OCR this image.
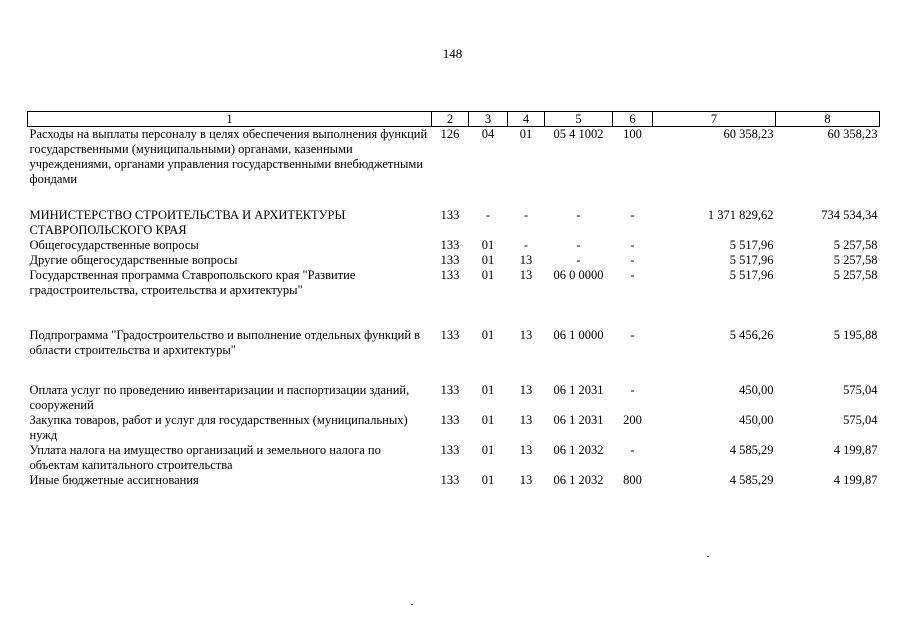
148
1	2	3	4	5	6	7	8
Расходы на выплаты персоналу в целях обеспечения выполнения функций государственными (муниципальными) органами, казенными учреждениями, органами управления государственными внебюджетными фондами	126	04	01	05 4 1002	100	60 358,23	60 358,23

МИНИСТЕРСТВО СТРОИТЕЛЬСТВА И АРХИТЕКТУРЫ СТАВРОПОЛЬСКОГО КРАЯ	133	-	-	-	-	1 371 829,62	734 534,34
Общегосударственные вопросы	133	01	-	-	-	5 517,96	5 257,58
Другие общегосударственные вопросы	133	01	13	-	-	5 517,96	5 257,58
Государственная программа Ставропольского края "Развитие градостроительства, строительства и архитектуры"	133	01	13	06 0 0000	-	5 517,96	5 257,58

Подпрограмма "Градостроительство и выполнение отдельных функций в области строительства и архитектуры"	133	01	13	06 1 0000	-	5 456,26	5 195,88

Оплата услуг по проведению инвентаризации и паспортизации зданий, сооружений	133	01	13	06 1 2031	-	450,00	575,04
Закупка товаров, работ и услуг для государственных (муниципальных) нужд	133	01	13	06 1 2031	200	450,00	575,04
Уплата налога на имущество организаций и земельного налога по объектам капитального строительства	133	01	13	06 1 2032	-	4 585,29	4 199,87
Иные бюджетные ассигнования	133	01	13	06 1 2032	800	4 585,29	4 199,87
